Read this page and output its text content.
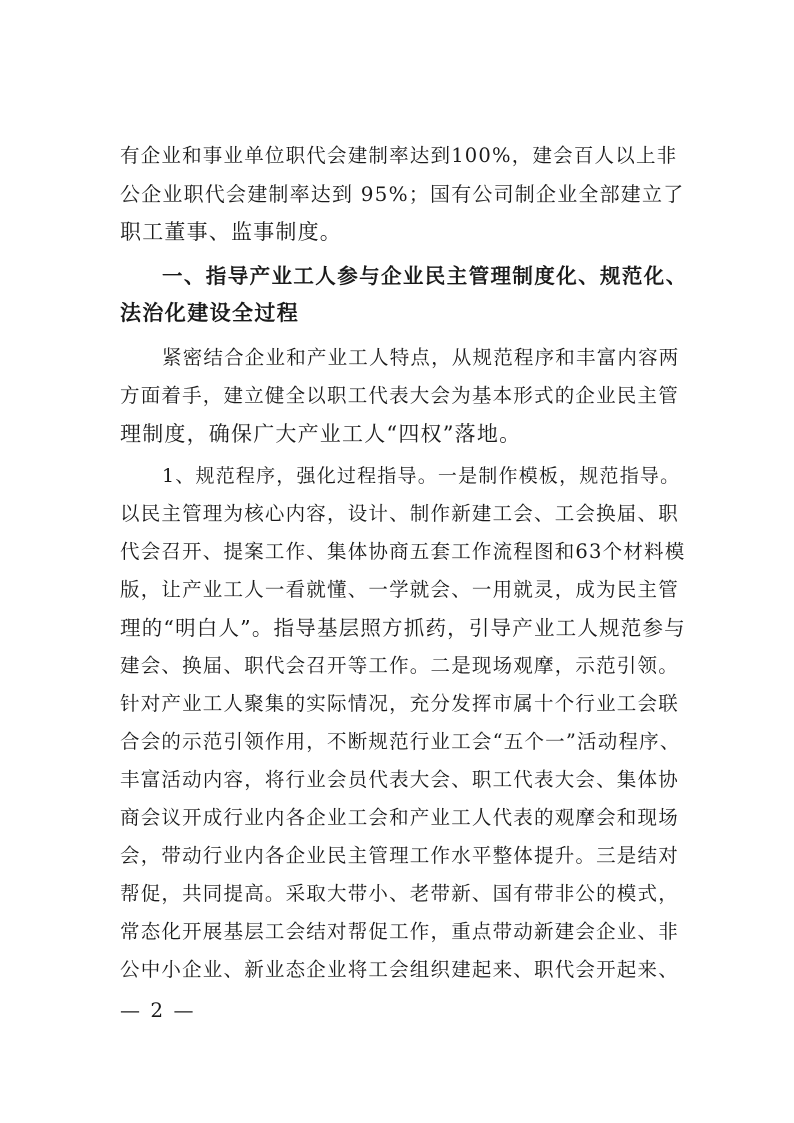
有企业和事业单位职代会建制率达到100%，建会百人以上非
公企业职代会建制率达到 95%；国有公司制企业全部建立了
职工董事、监事制度。
一、指导产业工人参与企业民主管理制度化、规范化、
法治化建设全过程
紧密结合企业和产业工人特点，从规范程序和丰富内容两
方面着手，建立健全以职工代表大会为基本形式的企业民主管
理制度，确保广大产业工人“四权”落地。
1、规范程序，强化过程指导。一是制作模板，规范指导。
以民主管理为核心内容，设计、制作新建工会、工会换届、职
代会召开、提案工作、集体协商五套工作流程图和63个材料模
版，让产业工人一看就懂、一学就会、一用就灵，成为民主管
理的“明白人”。指导基层照方抓药，引导产业工人规范参与
建会、换届、职代会召开等工作。二是现场观摩，示范引领。
针对产业工人聚集的实际情况，充分发挥市属十个行业工会联
合会的示范引领作用，不断规范行业工会“五个一”活动程序、
丰富活动内容，将行业会员代表大会、职工代表大会、集体协
商会议开成行业内各企业工会和产业工人代表的观摩会和现场
会，带动行业内各企业民主管理工作水平整体提升。三是结对
帮促，共同提高。采取大带小、老带新、国有带非公的模式，
常态化开展基层工会结对帮促工作，重点带动新建会企业、非
公中小企业、新业态企业将工会组织建起来、职代会开起来、
— 2 —
